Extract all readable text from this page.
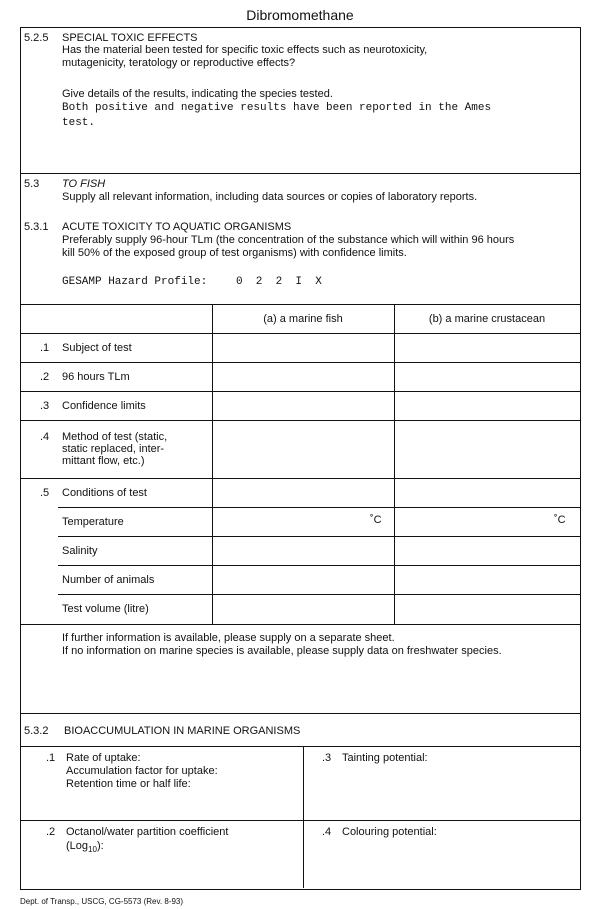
Dibromomethane
5.2.5 SPECIAL TOXIC EFFECTS
Has the material been tested for specific toxic effects such as neurotoxicity,
mutagenicity, teratology or reproductive effects?
Give details of the results, indicating the species tested.
Both positive and negative results have been reported in the Ames
test.
5.3 TO FISH
Supply all relevant information, including data sources or copies of laboratory reports.
5.3.1 ACUTE TOXICITY TO AQUATIC ORGANISMS
Preferably supply 96-hour TLm (the concentration of the substance which will within 96 hours
kill 50% of the exposed group of test organisms) with confidence limits.
GESAMP Hazard Profile:	0  2  2  I  X
(a) a marine fish	(b) a marine crustacean
.1 Subject of test
.2 96 hours TLm
.3 Confidence limits
.4 Method of test (static,
static replaced, inter-
mittant flow, etc.)
.5 Conditions of test
Temperature	˚C	˚C
Salinity
Number of animals
Test volume (litre)
If further information is available, please supply on a separate sheet.
If no information on marine species is available, please supply data on freshwater species.
5.3.2 BIOACCUMULATION IN MARINE ORGANISMS
.1 Rate of uptake:
Accumulation factor for uptake:
Retention time or half life:
.3 Tainting potential:
.2 Octanol/water partition coefficient
(Log$_{10}$):
.4 Colouring potential:
Dept. of Transp., USCG, CG-5573 (Rev. 8-93)
